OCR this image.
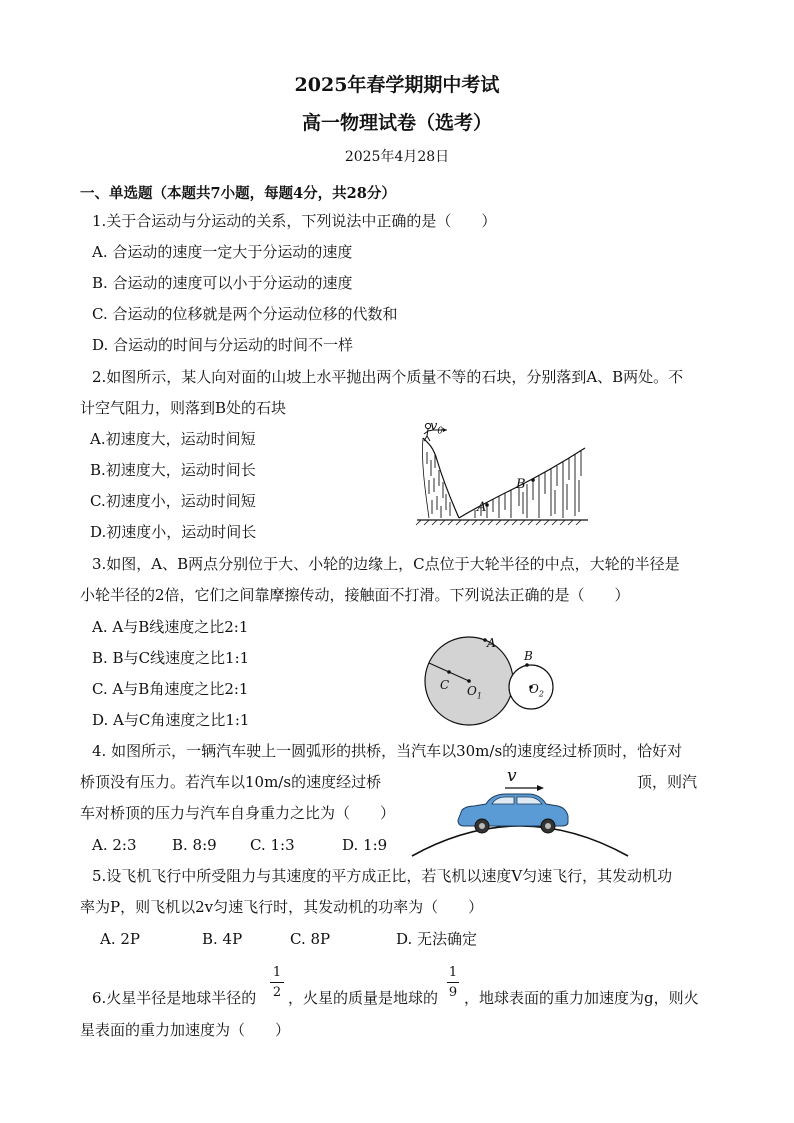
2025年春学期期中考试
高一物理试卷（选考）
2025年4月28日
一、单选题（本题共7小题，每题4分，共28分）
1.关于合运动与分运动的关系，下列说法中正确的是（　　）
A. 合运动的速度一定大于分运动的速度
B. 合运动的速度可以小于分运动的速度
C. 合运动的位移就是两个分运动位移的代数和
D. 合运动的时间与分运动的时间不一样
2.如图所示，某人向对面的山坡上水平抛出两个质量不等的石块，分别落到A、B两处。不
计空气阻力，则落到B处的石块
A.初速度大，运动时间短
B.初速度大，运动时间长
C.初速度小，运动时间短
D.初速度小，运动时间长
$v_0$
A
B
3.如图，A、B两点分别位于大、小轮的边缘上，C点位于大轮半径的中点，大轮的半径是
小轮半径的2倍，它们之间靠摩擦传动，接触面不打滑。下列说法正确的是（　　）
A. A与B线速度之比2:1
B. B与C线速度之比1:1
C. A与B角速度之比2:1
D. A与C角速度之比1:1
A
B
C $O_1$	$O_2$
4. 如图所示，一辆汽车驶上一圆弧形的拱桥，当汽车以30m/s的速度经过桥顶时，恰好对
桥顶没有压力。若汽车以10m/s的速度经过桥	顶，则汽
车对桥顶的压力与汽车自身重力之比为（　　）
A. 2:3 B. 8:9 C. 1:3	D. 1:9
v
5.设飞机飞行中所受阻力与其速度的平方成正比，若飞机以速度V匀速飞行，其发动机功
率为P，则飞机以2v匀速飞行时，其发动机的功率为（　　）
A. 2P	B. 4P	C. 8P	D. 无法确定
6.火星半径是地球半径的
1
2 ，火星的质量是地球的
1
9 ，地球表面的重力加速度为g，则火
星表面的重力加速度为（　　）
